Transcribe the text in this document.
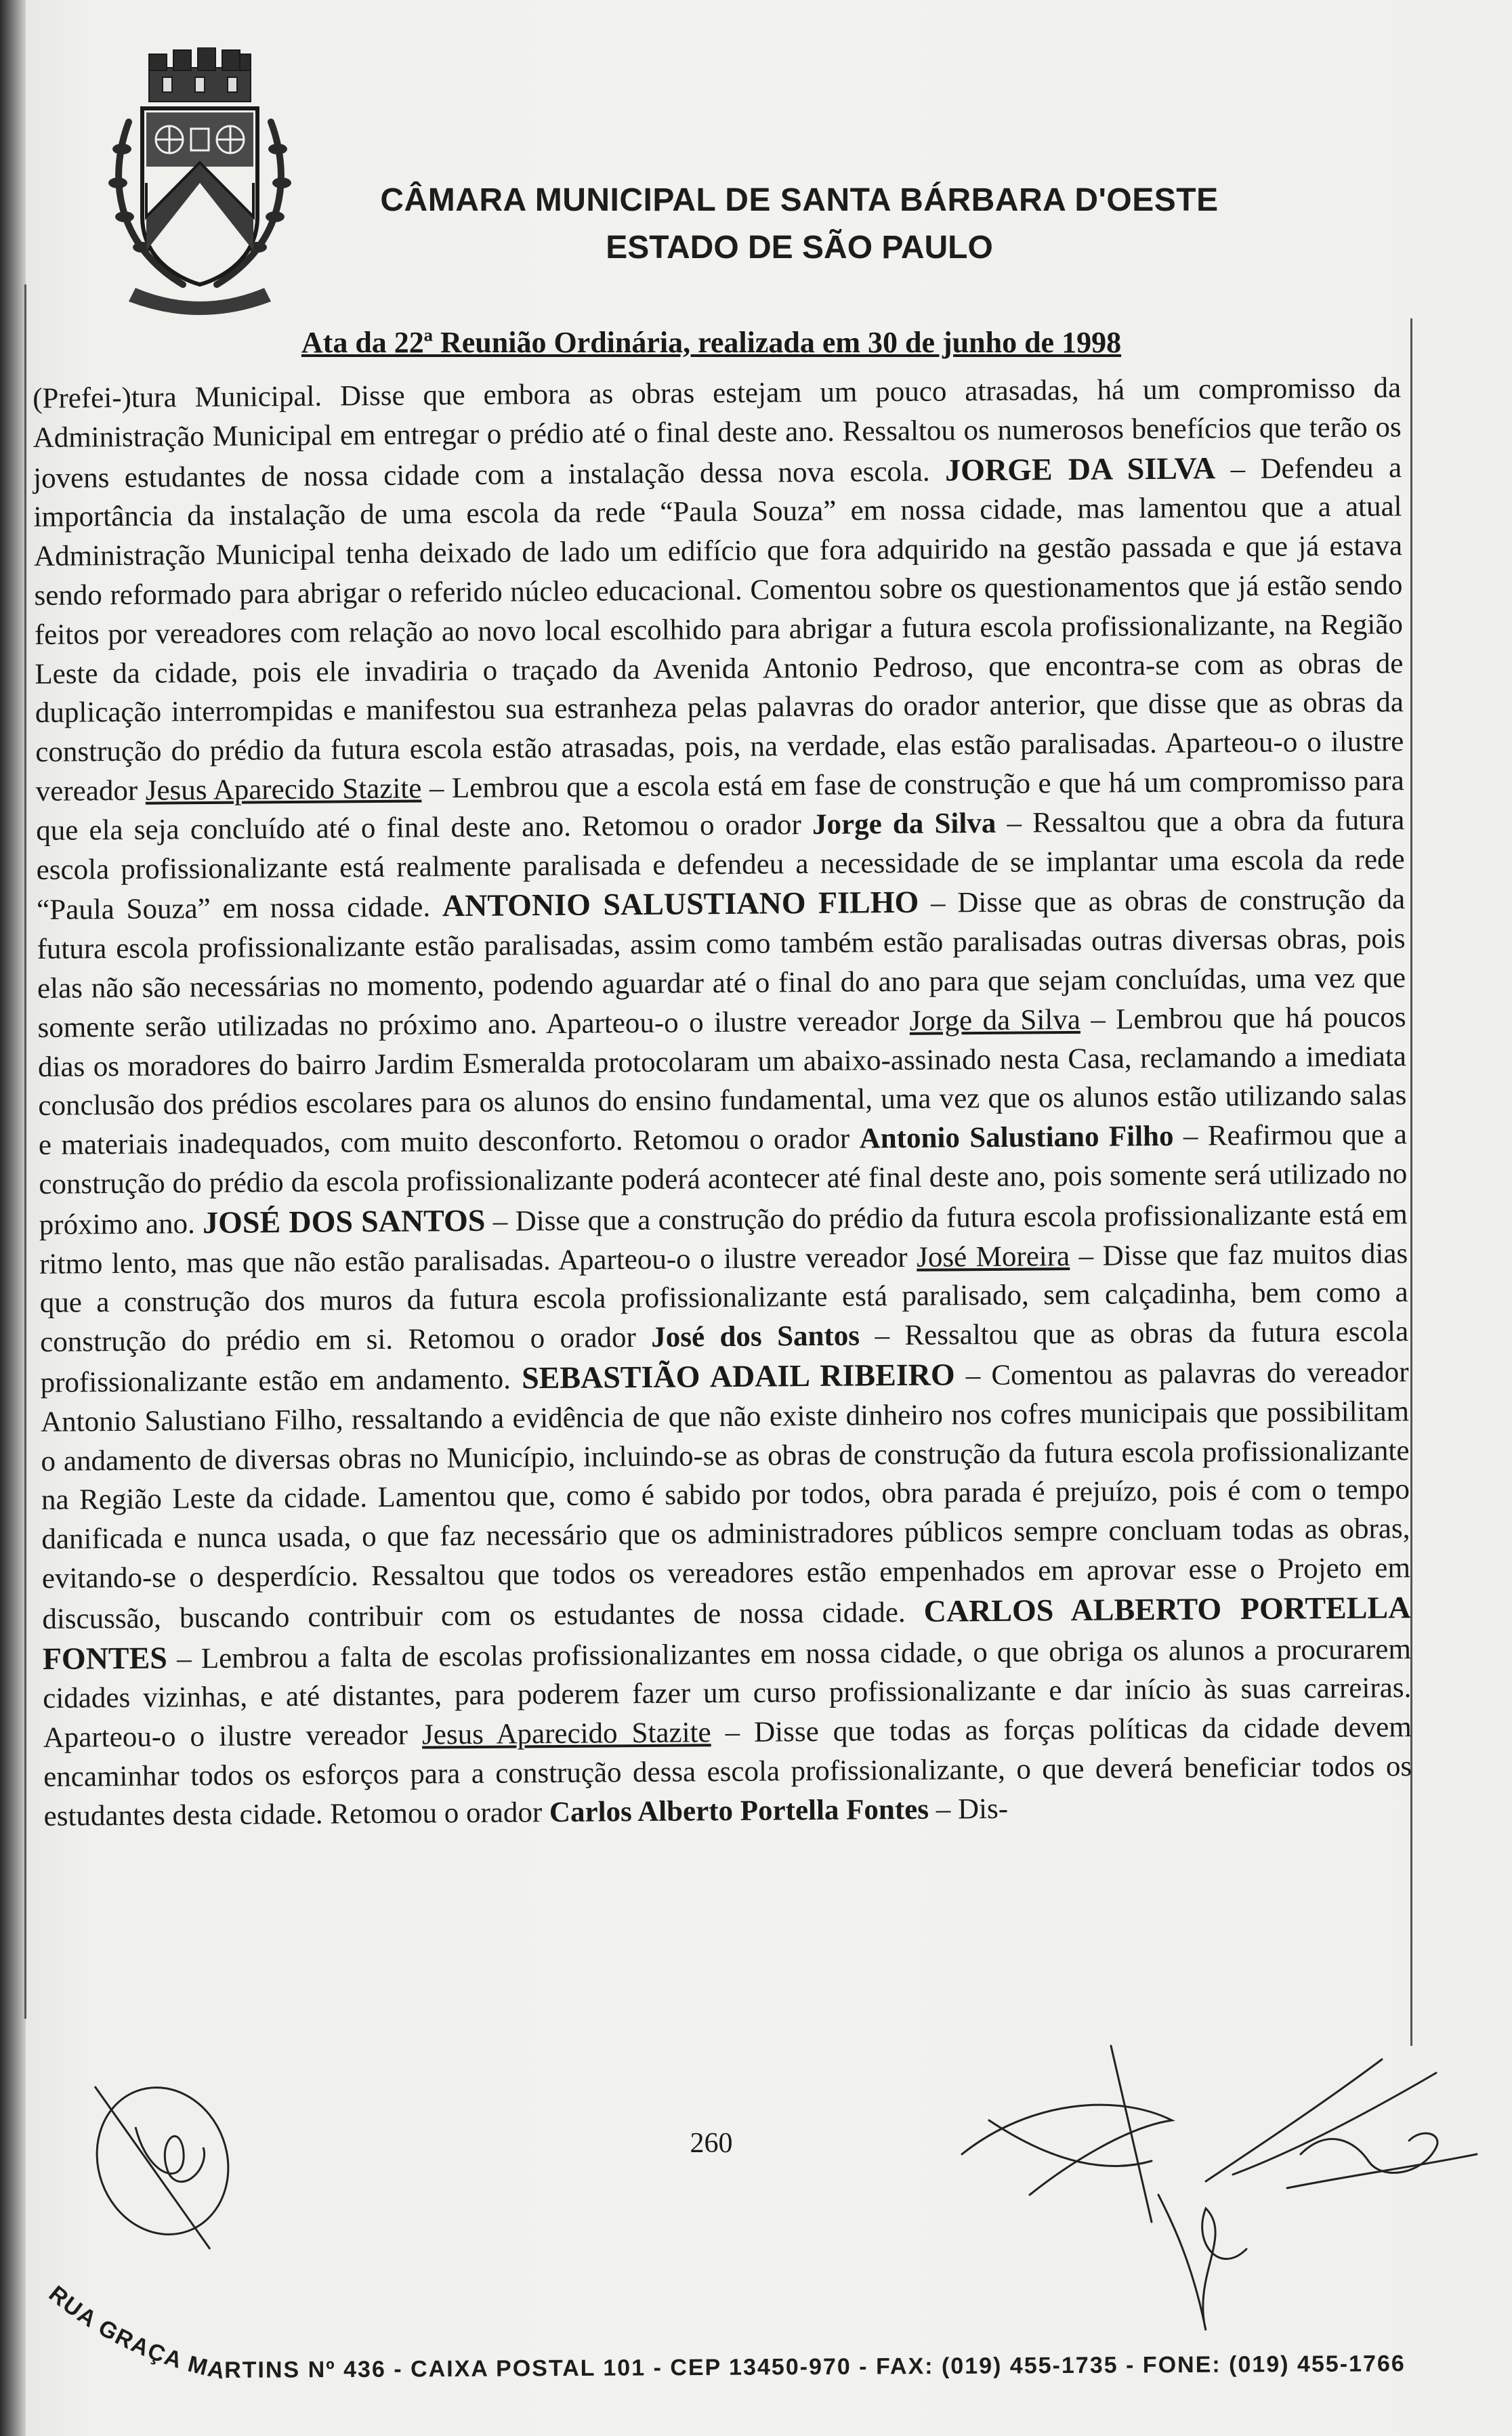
CÂMARA MUNICIPAL DE SANTA BÁRBARA D'OESTE
ESTADO DE SÃO PAULO
Ata da 22ª Reunião Ordinária, realizada em 30 de junho de 1998
(Prefei-)tura Municipal. Disse que embora as obras estejam um pouco atrasadas, há um compromisso da Administração Municipal em entregar o prédio até o final deste ano. Ressaltou os numerosos benefícios que terão os jovens estudantes de nossa cidade com a instalação dessa nova escola. JORGE DA SILVA – Defendeu a importância da instalação de uma escola da rede “Paula Souza” em nossa cidade, mas lamentou que a atual Administração Municipal tenha deixado de lado um edifício que fora adquirido na gestão passada e que já estava sendo reformado para abrigar o referido núcleo educacional. Comentou sobre os questionamentos que já estão sendo feitos por vereadores com relação ao novo local escolhido para abrigar a futura escola profissionalizante, na Região Leste da cidade, pois ele invadiria o traçado da Avenida Antonio Pedroso, que encontra-se com as obras de duplicação interrompidas e manifestou sua estranheza pelas palavras do orador anterior, que disse que as obras da construção do prédio da futura escola estão atrasadas, pois, na verdade, elas estão paralisadas. Aparteou-o o ilustre vereador Jesus Aparecido Stazite – Lembrou que a escola está em fase de construção e que há um compromisso para que ela seja concluído até o final deste ano. Retomou o orador Jorge da Silva – Ressaltou que a obra da futura escola profissionalizante está realmente paralisada e defendeu a necessidade de se implantar uma escola da rede “Paula Souza” em nossa cidade. ANTONIO SALUSTIANO FILHO – Disse que as obras de construção da futura escola profissionalizante estão paralisadas, assim como também estão paralisadas outras diversas obras, pois elas não são necessárias no momento, podendo aguardar até o final do ano para que sejam concluídas, uma vez que somente serão utilizadas no próximo ano. Aparteou-o o ilustre vereador Jorge da Silva – Lembrou que há poucos dias os moradores do bairro Jardim Esmeralda protocolaram um abaixo-assinado nesta Casa, reclamando a imediata conclusão dos prédios escolares para os alunos do ensino fundamental, uma vez que os alunos estão utilizando salas e materiais inadequados, com muito desconforto. Retomou o orador Antonio Salustiano Filho – Reafirmou que a construção do prédio da escola profissionalizante poderá acontecer até final deste ano, pois somente será utilizado no próximo ano. JOSÉ DOS SANTOS – Disse que a construção do prédio da futura escola profissionalizante está em ritmo lento, mas que não estão paralisadas. Aparteou-o o ilustre vereador José Moreira – Disse que faz muitos dias que a construção dos muros da futura escola profissionalizante está paralisado, sem calçadinha, bem como a construção do prédio em si. Retomou o orador José dos Santos – Ressaltou que as obras da futura escola profissionalizante estão em andamento. SEBASTIÃO ADAIL RIBEIRO – Comentou as palavras do vereador Antonio Salustiano Filho, ressaltando a evidência de que não existe dinheiro nos cofres municipais que possibilitam o andamento de diversas obras no Município, incluindo-se as obras de construção da futura escola profissionalizante na Região Leste da cidade. Lamentou que, como é sabido por todos, obra parada é prejuízo, pois é com o tempo danificada e nunca usada, o que faz necessário que os administradores públicos sempre concluam todas as obras, evitando-se o desperdício. Ressaltou que todos os vereadores estão empenhados em aprovar esse o Projeto em discussão, buscando contribuir com os estudantes de nossa cidade. CARLOS ALBERTO PORTELLA FONTES – Lembrou a falta de escolas profissionalizantes em nossa cidade, o que obriga os alunos a procurarem cidades vizinhas, e até distantes, para poderem fazer um curso profissionalizante e dar início às suas carreiras. Aparteou-o o ilustre vereador Jesus Aparecido Stazite – Disse que todas as forças políticas da cidade devem encaminhar todos os esforços para a construção dessa escola profissionalizante, o que deverá beneficiar todos os estudantes desta cidade. Retomou o orador Carlos Alberto Portella Fontes – Dis-
260
RUA GRAÇA MARTINS Nº 436 - CAIXA POSTAL 101 - CEP 13450-970 - FAX: (019) 455-1735 - FONE: (019) 455-1766
